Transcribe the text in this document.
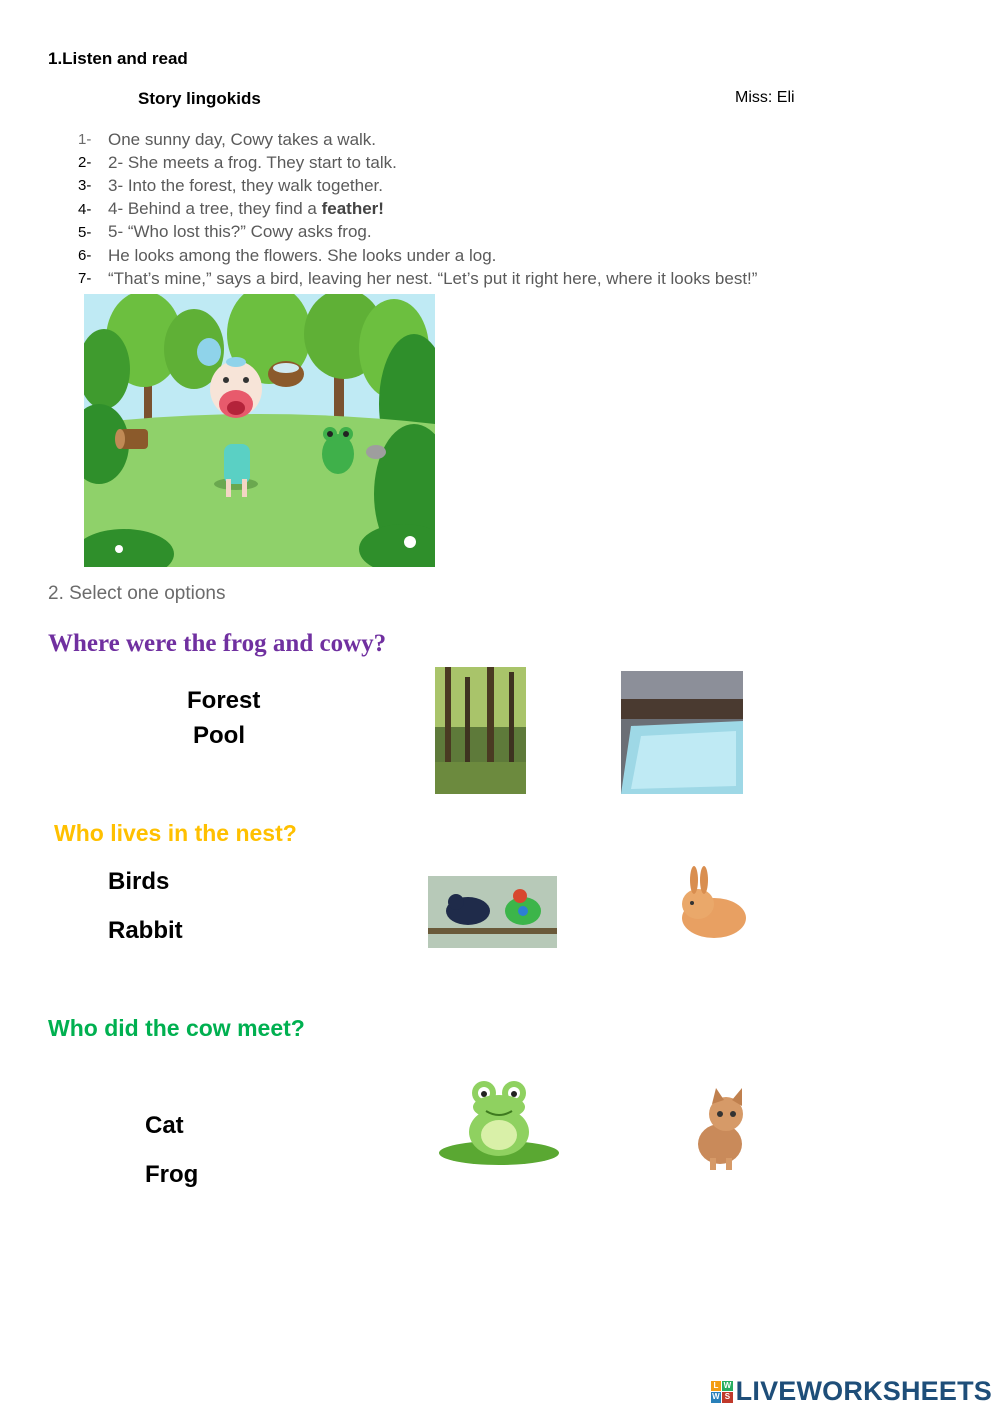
1.Listen and read
Story lingokids	Miss: Eli
1- One sunny day, Cowy takes a walk.
2- 2- She meets a frog. They start to talk.
3- 3- Into the forest, they walk together.
4- 4- Behind a tree, they find a feather!
5- 5- “Who lost this?” Cowy asks frog.
6- He looks among the flowers. She looks under a log.
7- “That’s mine,” says a bird, leaving her nest. “Let’s put it right here, where it looks best!”
2. Select one options
Where were the frog and cowy?
Forest
Pool
Who lives in the nest?
Birds
Rabbit
Who did the cow meet?
Cat
Frog
L W
W S LIVEWORKSHEETS
